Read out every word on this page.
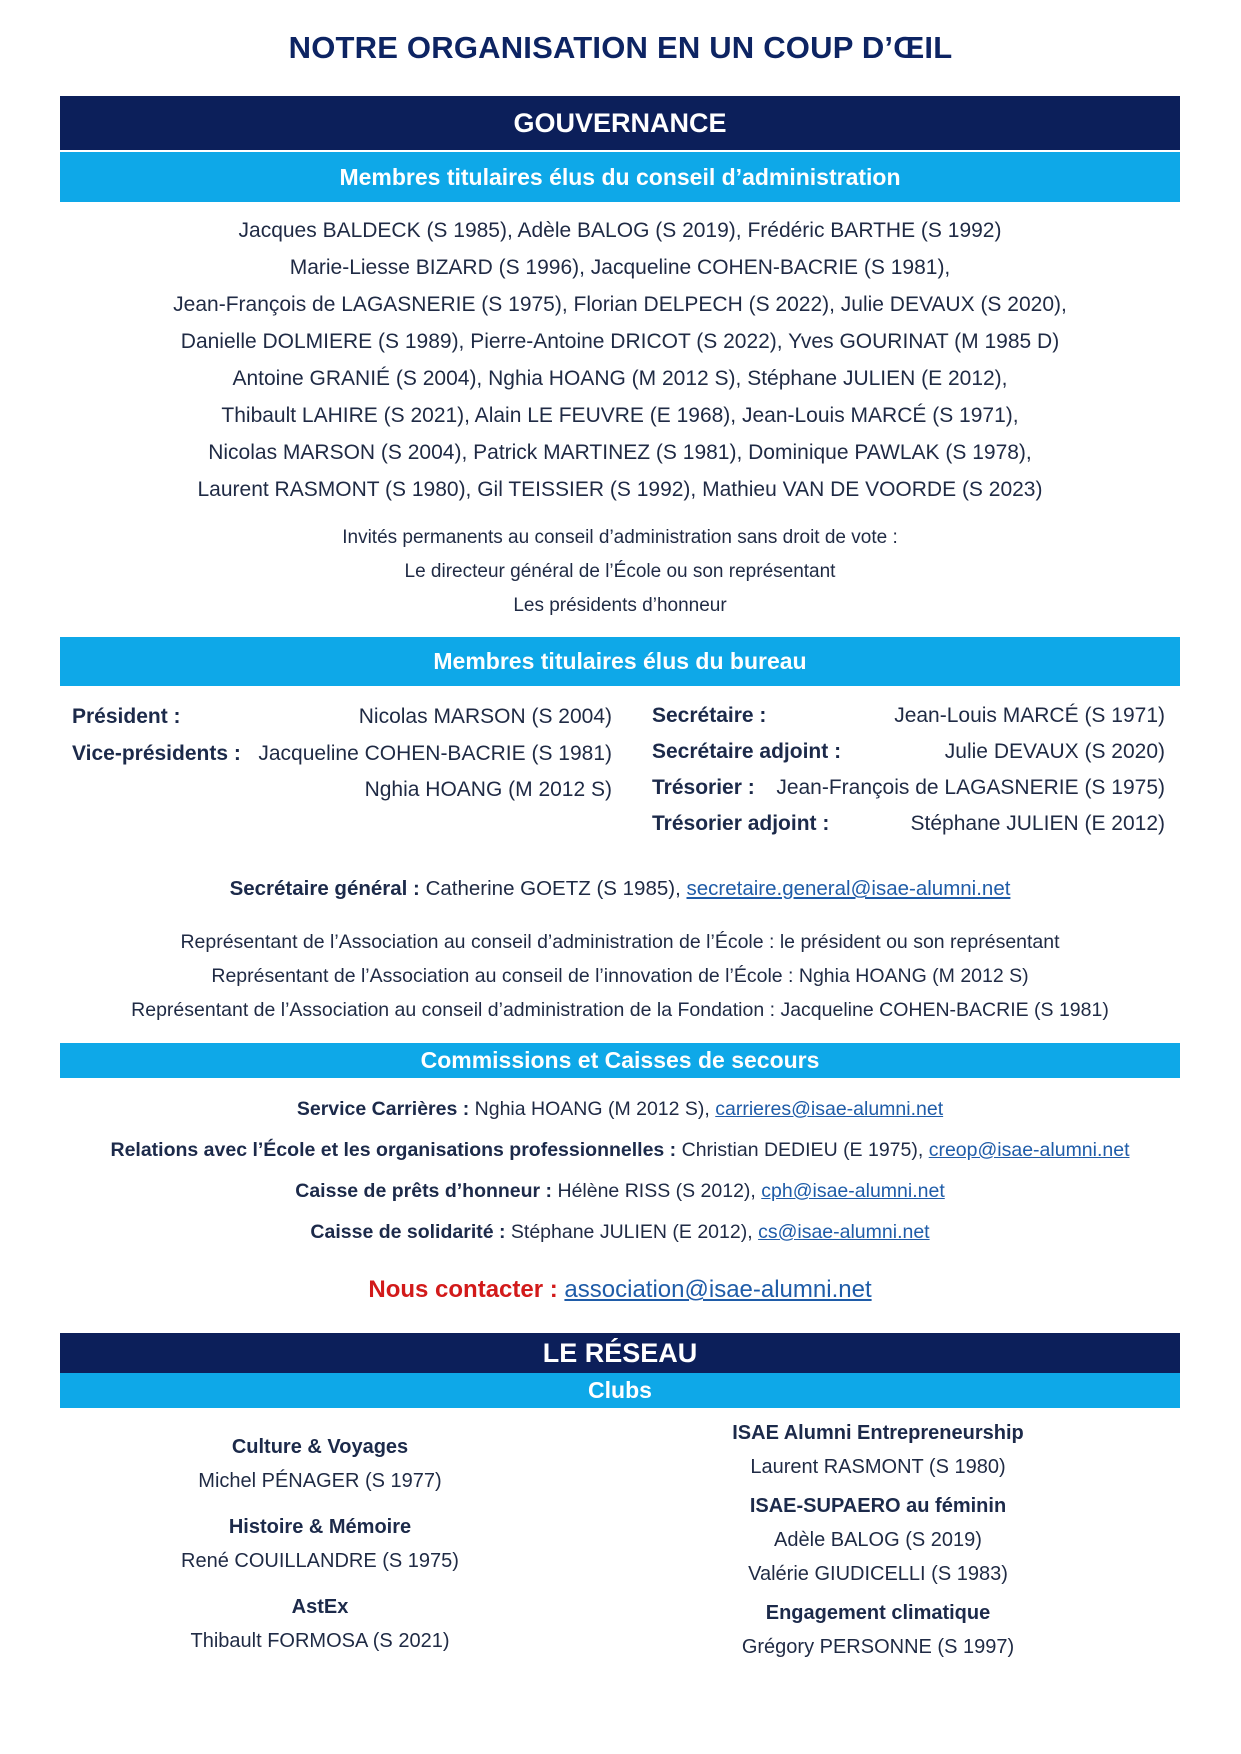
NOTRE ORGANISATION EN UN COUP D’ŒIL
GOUVERNANCE
Membres titulaires élus du conseil d’administration
Jacques BALDECK (S 1985), Adèle BALOG (S 2019), Frédéric BARTHE (S 1992)
Marie-Liesse BIZARD (S 1996), Jacqueline COHEN-BACRIE (S 1981),
Jean-François de LAGASNERIE (S 1975), Florian DELPECH (S 2022), Julie DEVAUX (S 2020),
Danielle DOLMIERE (S 1989), Pierre-Antoine DRICOT (S 2022), Yves GOURINAT (M 1985 D)
Antoine GRANIÉ (S 2004), Nghia HOANG (M 2012 S), Stéphane JULIEN (E 2012),
Thibault LAHIRE (S 2021), Alain LE FEUVRE (E 1968), Jean-Louis MARCÉ (S 1971),
Nicolas MARSON (S 2004), Patrick MARTINEZ (S 1981), Dominique PAWLAK (S 1978),
Laurent RASMONT (S 1980), Gil TEISSIER (S 1992), Mathieu VAN DE VOORDE (S 2023)
Invités permanents au conseil d’administration sans droit de vote :
Le directeur général de l’École ou son représentant
Les présidents d’honneur
Membres titulaires élus du bureau
Président :	Nicolas MARSON (S 2004)
Vice-présidents : Jacqueline COHEN-BACRIE (S 1981)
Nghia HOANG (M 2012 S)
Secrétaire :	Jean-Louis MARCÉ (S 1971)
Secrétaire adjoint :	Julie DEVAUX (S 2020)
Trésorier : Jean-François de LAGASNERIE (S 1975)
Trésorier adjoint :	Stéphane JULIEN (E 2012)
Secrétaire général : Catherine GOETZ (S 1985), secretaire.general@isae-alumni.net
Représentant de l’Association au conseil d’administration de l’École : le président ou son représentant
Représentant de l’Association au conseil de l’innovation de l’École : Nghia HOANG (M 2012 S)
Représentant de l’Association au conseil d’administration de la Fondation : Jacqueline COHEN-BACRIE (S 1981)
Commissions et Caisses de secours
Service Carrières : Nghia HOANG (M 2012 S), carrieres@isae-alumni.net
Relations avec l’École et les organisations professionnelles : Christian DEDIEU (E 1975), creop@isae-alumni.net
Caisse de prêts d’honneur : Hélène RISS (S 2012), cph@isae-alumni.net
Caisse de solidarité : Stéphane JULIEN (E 2012), cs@isae-alumni.net
Nous contacter : association@isae-alumni.net
LE RÉSEAU
Clubs
Culture & Voyages
Michel PÉNAGER (S 1977)
Histoire & Mémoire
René COUILLANDRE (S 1975)
AstEx
Thibault FORMOSA (S 2021)
ISAE Alumni Entrepreneurship
Laurent RASMONT (S 1980)
ISAE-SUPAERO au féminin
Adèle BALOG (S 2019)
Valérie GIUDICELLI (S 1983)
Engagement climatique
Grégory PERSONNE (S 1997)
